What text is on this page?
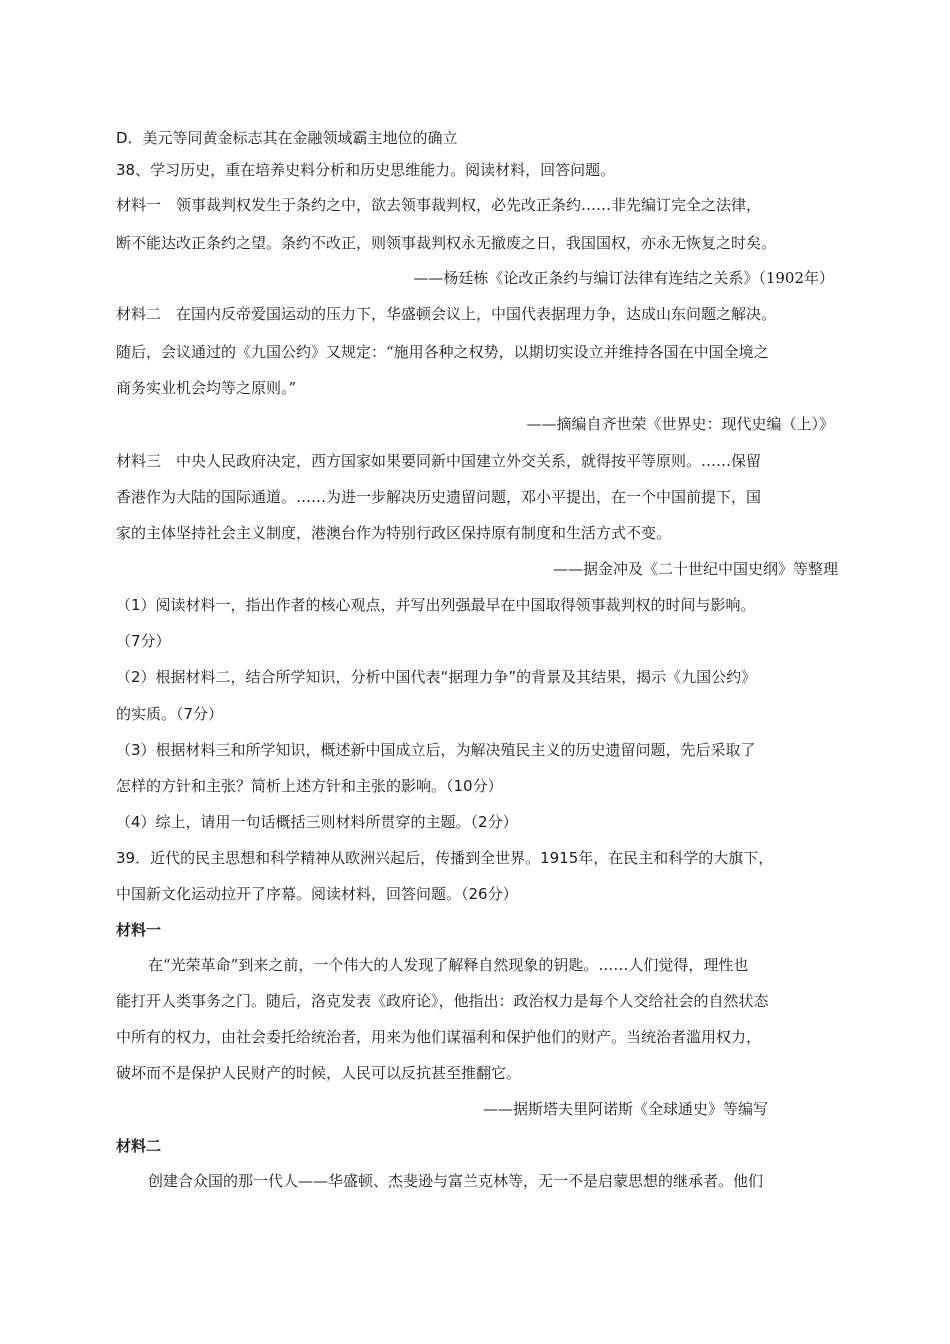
D．美元等同黄金标志其在金融领域霸主地位的确立
38、学习历史，重在培养史料分析和历史思维能力。阅读材料，回答问题。
材料一　领事裁判权发生于条约之中，欲去领事裁判权，必先改正条约……非先编订完全之法律，
断不能达改正条约之望。条约不改正，则领事裁判权永无撤废之日，我国国权，亦永无恢复之时矣。
——杨廷栋《论改正条约与编订法律有连结之关系》（1902年）
材料二　在国内反帝爱国运动的压力下，华盛顿会议上，中国代表据理力争，达成山东问题之解决。
随后，会议通过的《九国公约》又规定：“施用各种之权势，以期切实设立并维持各国在中国全境之
商务实业机会均等之原则。”
——摘编自齐世荣《世界史：现代史编（上）》
材料三　中央人民政府决定，西方国家如果要同新中国建立外交关系，就得按平等原则。……保留
香港作为大陆的国际通道。……为进一步解决历史遗留问题，邓小平提出，在一个中国前提下，国
家的主体坚持社会主义制度，港澳台作为特别行政区保持原有制度和生活方式不变。
——据金冲及《二十世纪中国史纲》等整理
（1）阅读材料一，指出作者的核心观点，并写出列强最早在中国取得领事裁判权的时间与影响。
（7分）
（2）根据材料二，结合所学知识，分析中国代表“据理力争”的背景及其结果，揭示《九国公约》
的实质。（7分）
（3）根据材料三和所学知识，概述新中国成立后，为解决殖民主义的历史遗留问题，先后采取了
怎样的方针和主张？简析上述方针和主张的影响。（10分）
（4）综上，请用一句话概括三则材料所贯穿的主题。（2分）
39．近代的民主思想和科学精神从欧洲兴起后，传播到全世界。1915年，在民主和科学的大旗下，
中国新文化运动拉开了序幕。阅读材料，回答问题。（26分）
材料一
在“光荣革命”到来之前，一个伟大的人发现了解释自然现象的钥匙。……人们觉得，理性也
能打开人类事务之门。随后，洛克发表《政府论》，他指出：政治权力是每个人交给社会的自然状态
中所有的权力，由社会委托给统治者，用来为他们谋福利和保护他们的财产。当统治者滥用权力，
破坏而不是保护人民财产的时候，人民可以反抗甚至推翻它。
——据斯塔夫里阿诺斯《全球通史》等编写
材料二
创建合众国的那一代人——华盛顿、杰斐逊与富兰克林等，无一不是启蒙思想的继承者。他们
